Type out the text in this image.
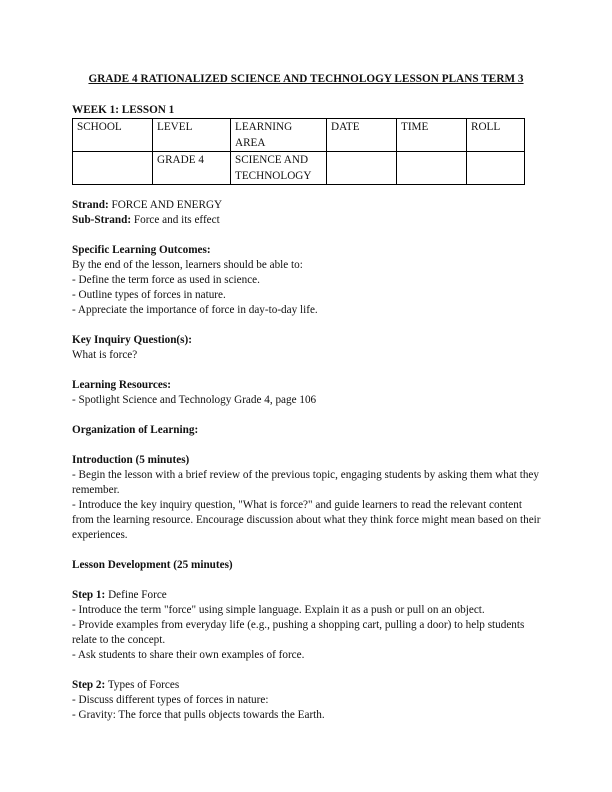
GRADE 4 RATIONALIZED SCIENCE AND TECHNOLOGY LESSON PLANS TERM 3
WEEK 1: LESSON 1
SCHOOL	LEVEL	LEARNING AREA	DATE	TIME	ROLL
	GRADE 4	SCIENCE AND TECHNOLOGY			

Strand: FORCE AND ENERGY

Sub-Strand: Force and its effect

Specific Learning Outcomes:

By the end of the lesson, learners should be able to:

- Define the term force as used in science.

- Outline types of forces in nature.

- Appreciate the importance of force in day-to-day life.

Key Inquiry Question(s):

What is force?

Learning Resources:

- Spotlight Science and Technology Grade 4, page 106

Organization of Learning:

Introduction (5 minutes)

- Begin the lesson with a brief review of the previous topic, engaging students by asking them what they remember.

- Introduce the key inquiry question, "What is force?" and guide learners to read the relevant content from the learning resource. Encourage discussion about what they think force might mean based on their experiences.

Lesson Development (25 minutes)

Step 1: Define Force

- Introduce the term "force" using simple language. Explain it as a push or pull on an object.

- Provide examples from everyday life (e.g., pushing a shopping cart, pulling a door) to help students relate to the concept.

- Ask students to share their own examples of force.

Step 2: Types of Forces

- Discuss different types of forces in nature:

- Gravity: The force that pulls objects towards the Earth.
